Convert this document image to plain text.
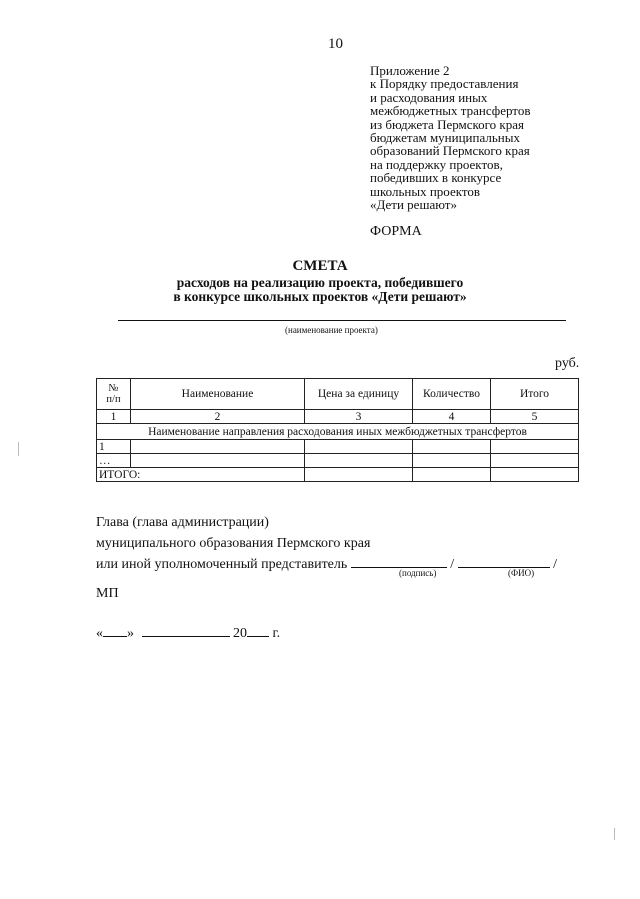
10
Приложение 2
к Порядку предоставления
и расходования иных
межбюджетных трансфертов
из бюджета Пермского края
бюджетам муниципальных
образований Пермского края
на поддержку проектов,
победивших в конкурсе
школьных проектов
«Дети решают»
ФОРМА
СМЕТА
расходов на реализацию проекта, победившего
в конкурсе школьных проектов «Дети решают»
(наименование проекта)
руб.
№
п/п	Наименование	Цена за единицу	Количество	Итого
1	2	3	4	5
Наименование направления расходования иных межбюджетных трансфертов				
1				
…				
ИТОГО:				
Глава (глава администрации)
муниципального образования Пермского края
или иной уполномоченный представитель	/	/
(подпись)	(ФИО)
МП
« »	20 г.
